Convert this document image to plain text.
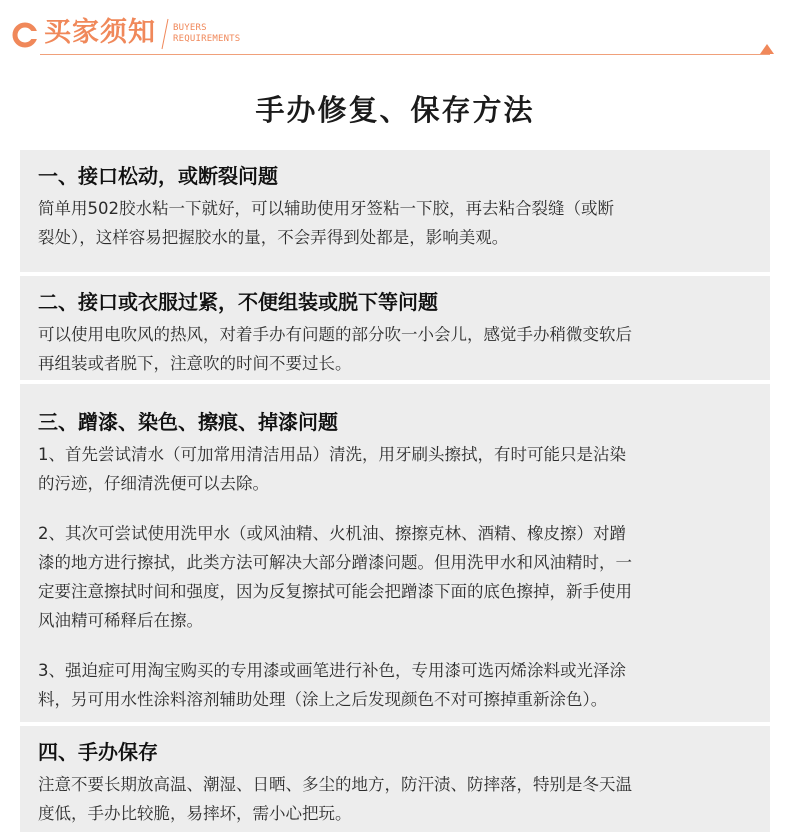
买家须知 BUYERS
REQUIREMENTS
手办修复、保存方法
一、接口松动，或断裂问题
简单用502胶水粘一下就好，可以辅助使用牙签粘一下胶，再去粘合裂缝（或断
裂处），这样容易把握胶水的量，不会弄得到处都是，影响美观。
二、接口或衣服过紧，不便组装或脱下等问题
可以使用电吹风的热风，对着手办有问题的部分吹一小会儿，感觉手办稍微变软后
再组装或者脱下，注意吹的时间不要过长。
三、蹭漆、染色、擦痕、掉漆问题
1、首先尝试清水（可加常用清洁用品）清洗，用牙刷头擦拭，有时可能只是沾染
的污迹，仔细清洗便可以去除。
2、其次可尝试使用洗甲水（或风油精、火机油、擦擦克林、酒精、橡皮擦）对蹭
漆的地方进行擦拭，此类方法可解决大部分蹭漆问题。但用洗甲水和风油精时，一
定要注意擦拭时间和强度，因为反复擦拭可能会把蹭漆下面的底色擦掉，新手使用
风油精可稀释后在擦。
3、强迫症可用淘宝购买的专用漆或画笔进行补色，专用漆可选丙烯涂料或光泽涂
料，另可用水性涂料溶剂辅助处理（涂上之后发现颜色不对可擦掉重新涂色）。
四、手办保存
注意不要长期放高温、潮湿、日晒、多尘的地方，防汗渍、防摔落，特别是冬天温
度低，手办比较脆，易摔坏，需小心把玩。
